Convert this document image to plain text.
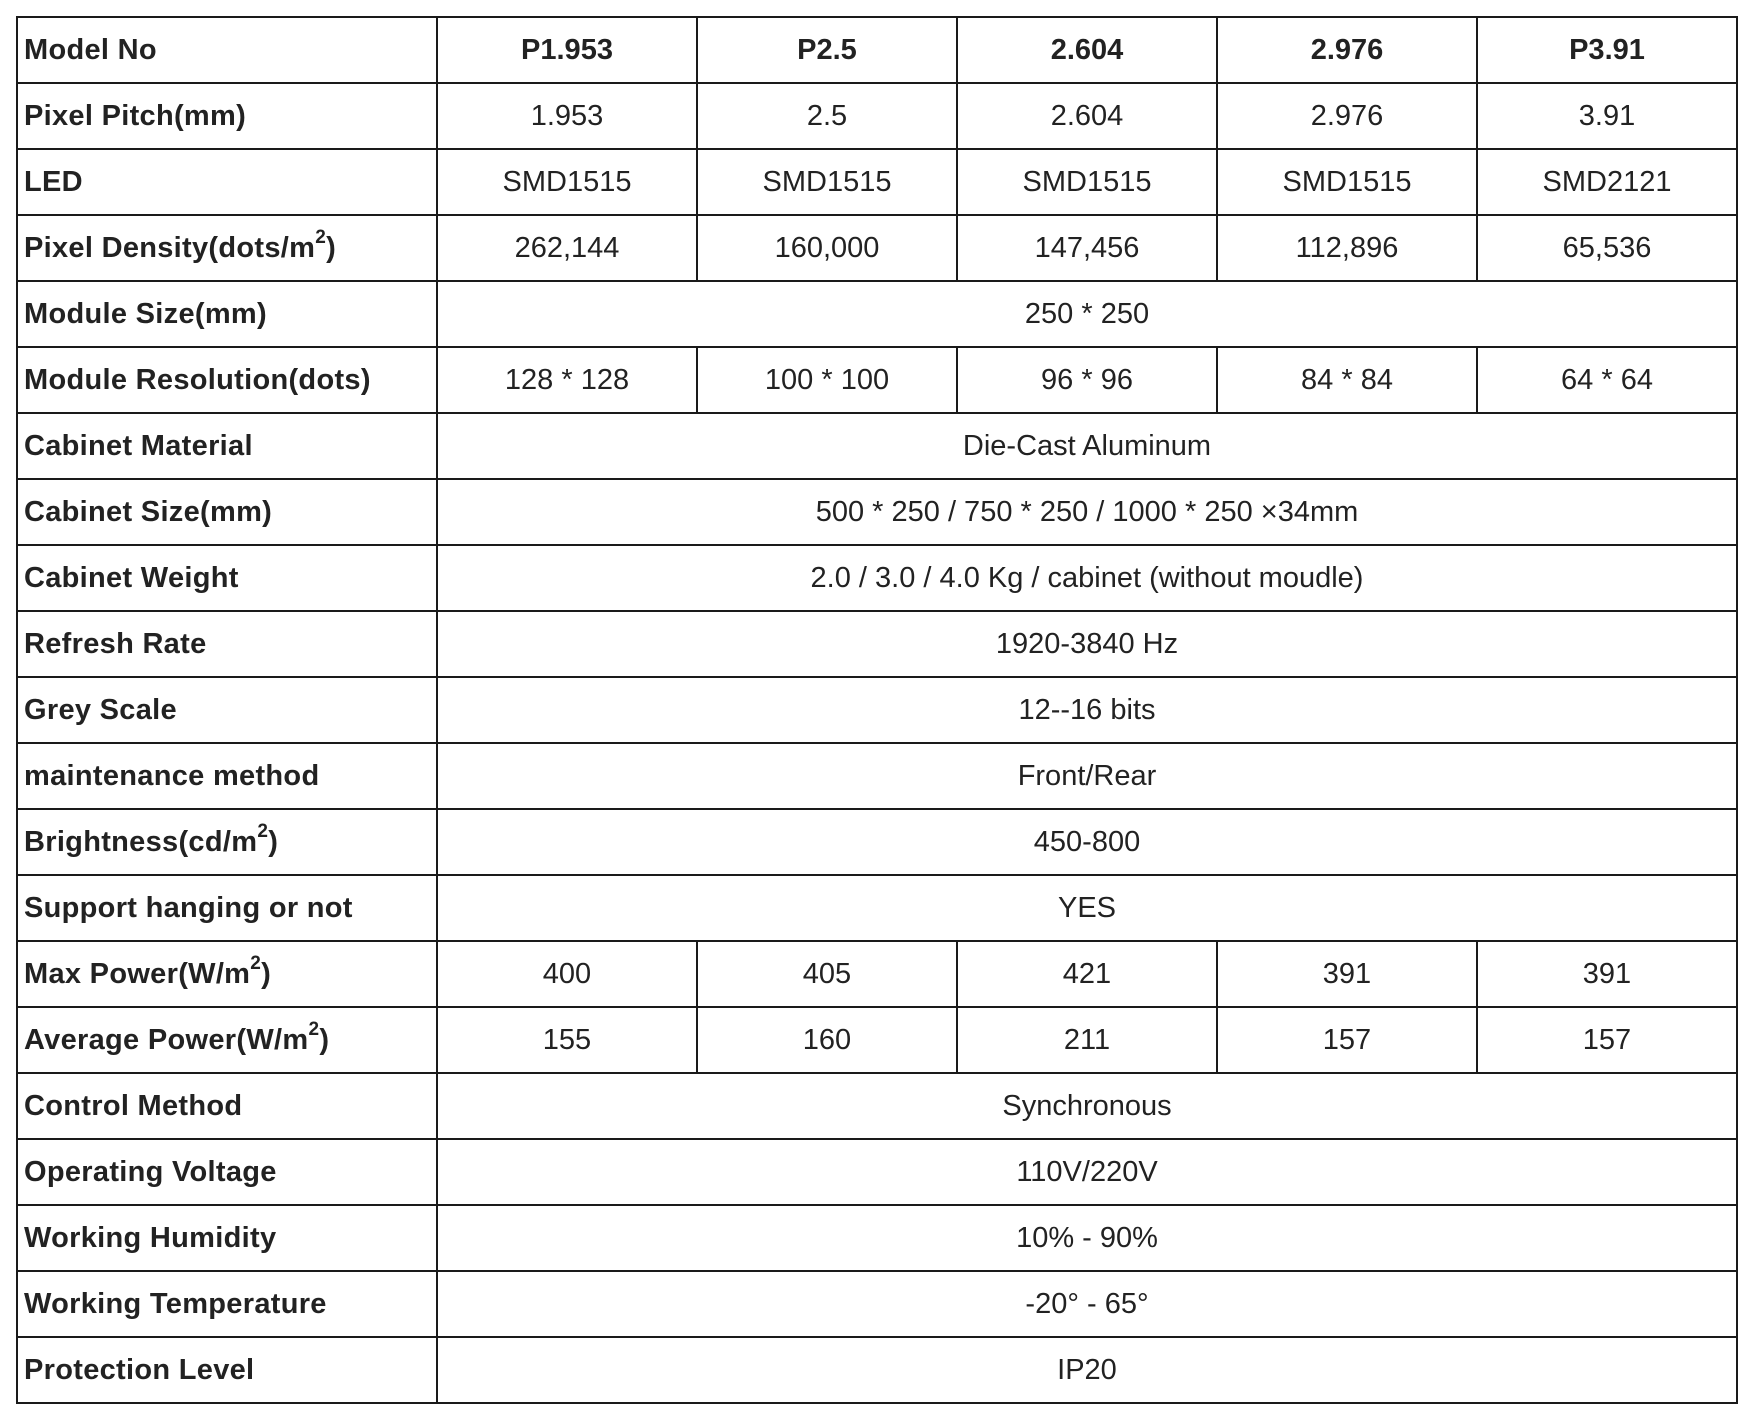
Model No	P1.953	P2.5	2.604	2.976	P3.91
Pixel Pitch(mm)	1.953	2.5	2.604	2.976	3.91
LED	SMD1515	SMD1515	SMD1515	SMD1515	SMD2121
Pixel $Density(dots/m^2)$	262,144	160,000	147,456	112,896	65,536
Module Size(mm)	250 * 250				
Module Resolution(dots)	128 * 128	100 * 100	96 * 96	84 * 84	64 * 64
Cabinet Material	Die-Cast Aluminum				
Cabinet Size(mm)	500 * 250 / 750 * 250 / 1000 * 250 ×34mm				
Cabinet Weight	2.0 / 3.0 / 4.0 Kg / cabinet (without moudle)				
Refresh Rate	1920-3840 Hz				
Grey Scale	12--16 bits				
maintenance method	Front/Rear				
$Brightness(cd/m^2)$	450-800				
Support hanging or not	YES				
Max $Power(W/m^2)$	400	405	421	391	391
Average $Power(W/m^2)$	155	160	211	157	157
Control Method	Synchronous				
Operating Voltage	110V/220V				
Working Humidity	10% - 90%				
Working Temperature	-20° - 65°				
Protection Level	IP20				
